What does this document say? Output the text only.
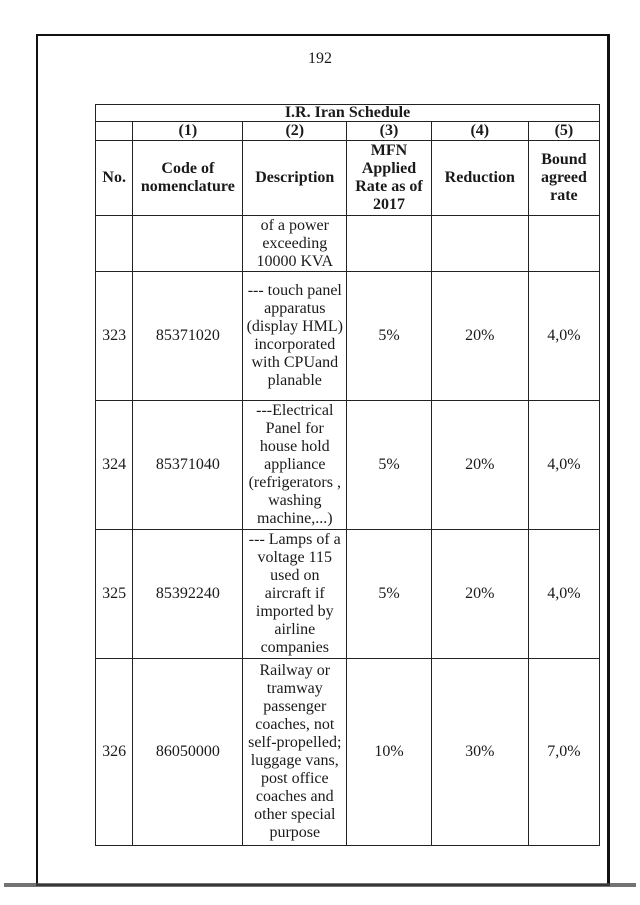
192
I.R. Iran Schedule					
	(1)	(2)	(3)	(4)	(5)
No.	Code of nomenclature	Description	MFN Applied Rate as of 2017	Reduction	Bound agreed rate
		of a power exceeding 10000 KVA			
323	85371020	--- touch panel apparatus (display HML) incorporated with CPUand planable	5%	20%	4,0%
324	85371040	---Electrical Panel for house hold appliance (refrigerators , washing machine,...)	5%	20%	4,0%
325	85392240	--- Lamps of a voltage 115 used on aircraft if imported by airline companies	5%	20%	4,0%
326	86050000	Railway or tramway passenger coaches, not self-propelled; luggage vans, post office coaches and other special purpose	10%	30%	7,0%
